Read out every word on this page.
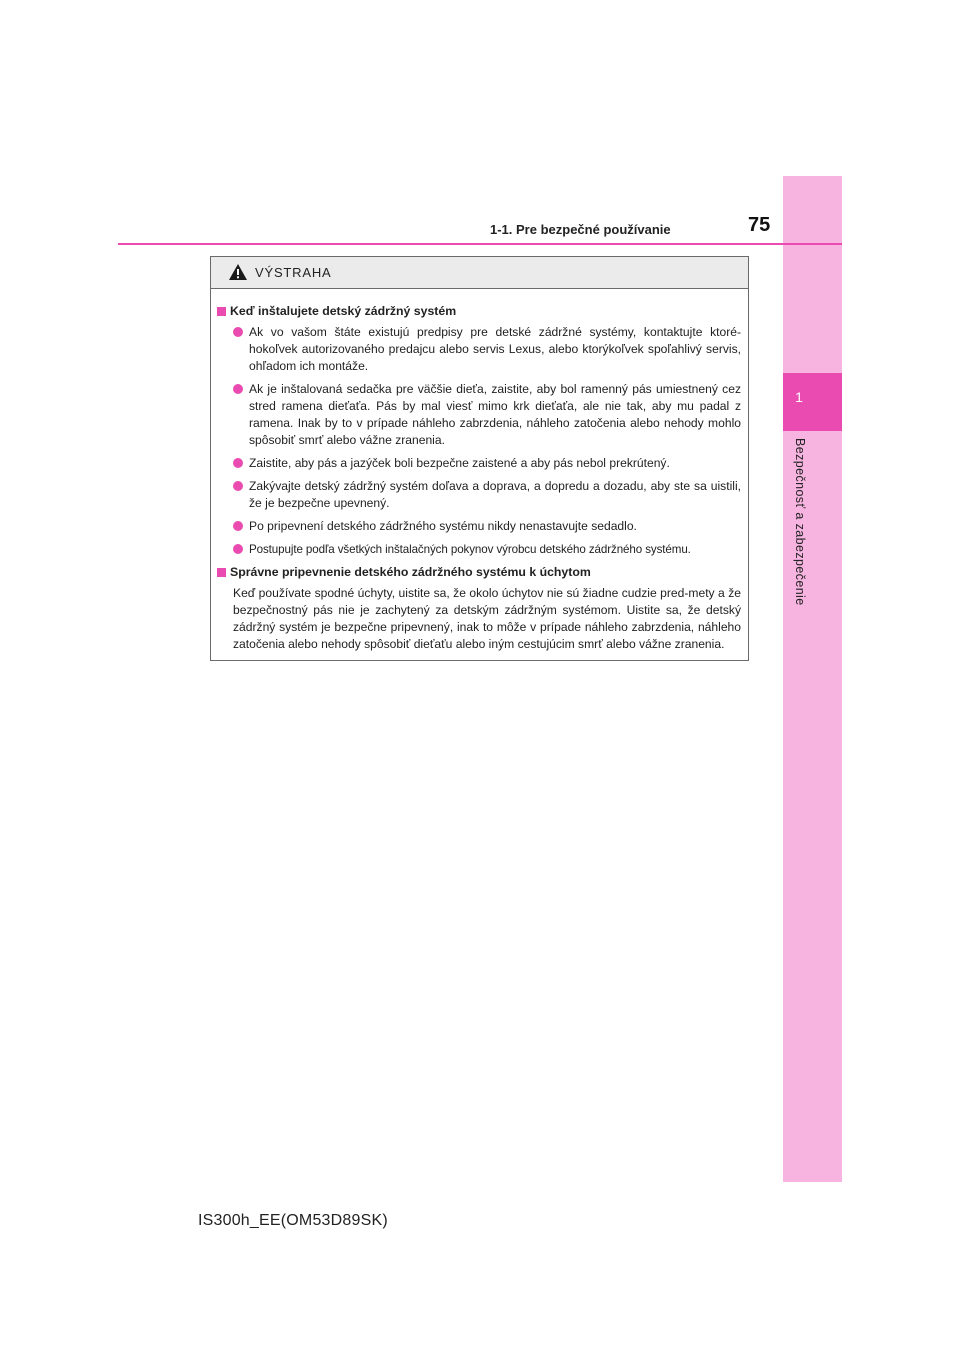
1
Bezpečnosť a zabezpečenie
1-1. Pre bezpečné používanie	75
VÝSTRAHA
Keď inštalujete detský zádržný systém
Ak vo vašom štáte existujú predpisy pre detské zádržné systémy, kontaktujte ktoré-hokoľvek autorizovaného predajcu alebo servis Lexus, alebo ktorýkoľvek spoľahlivý servis, ohľadom ich montáže.
Ak je inštalovaná sedačka pre väčšie dieťa, zaistite, aby bol ramenný pás umiestnený cez stred ramena dieťaťa. Pás by mal viesť mimo krk dieťaťa, ale nie tak, aby mu padal z ramena. Inak by to v prípade náhleho zabrzdenia, náhleho zatočenia alebo nehody mohlo spôsobiť smrť alebo vážne zranenia.
Zaistite, aby pás a jazýček boli bezpečne zaistené a aby pás nebol prekrútený.
Zakývajte detský zádržný systém doľava a doprava, a dopredu a dozadu, aby ste sa uistili, že je bezpečne upevnený.
Po pripevnení detského zádržného systému nikdy nenastavujte sedadlo.
Postupujte podľa všetkých inštalačných pokynov výrobcu detského zádržného systému.
Správne pripevnenie detského zádržného systému k úchytom
Keď používate spodné úchyty, uistite sa, že okolo úchytov nie sú žiadne cudzie pred-mety a že bezpečnostný pás nie je zachytený za detským zádržným systémom. Uistite sa, že detský zádržný systém je bezpečne pripevnený, inak to môže v prípade náhleho zabrzdenia, náhleho zatočenia alebo nehody spôsobiť dieťaťu alebo iným cestujúcim smrť alebo vážne zranenia.
IS300h_EE(OM53D89SK)
